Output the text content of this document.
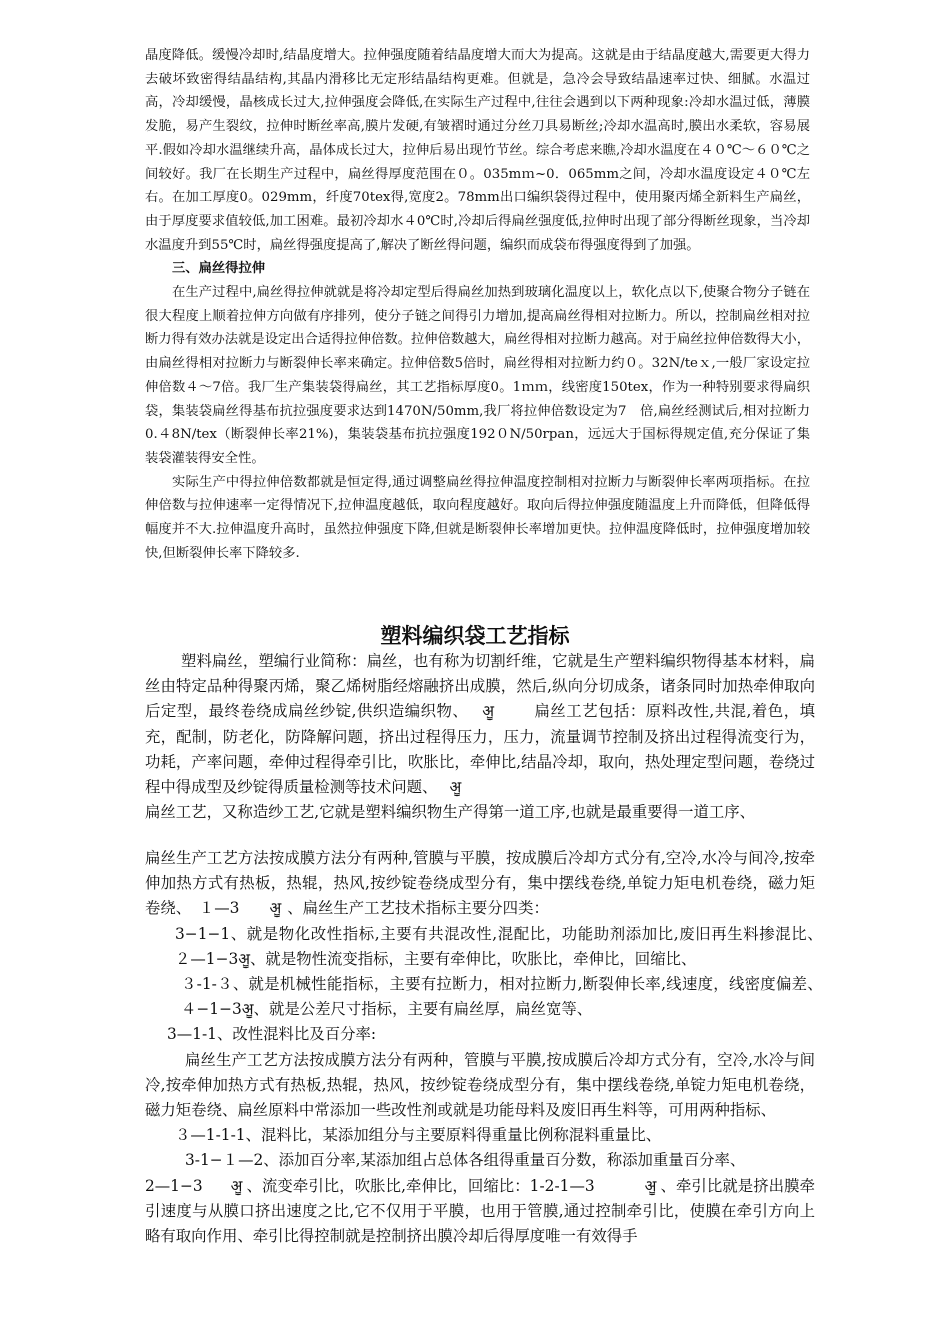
晶度降低。缓慢冷却时,结晶度增大。拉伸强度随着结晶度增大而大为提高。这就是由于结晶度越大,需要更大得力去破坏致密得结晶结构,其晶内滑移比无定形结晶结构更难。但就是，急冷会导致结晶速率过快、细腻。水温过高，冷却缓慢，晶核成长过大,拉伸强度会降低,在实际生产过程中,往往会遇到以下两种现象:冷却水温过低，薄膜发脆，易产生裂纹，拉伸时断丝率高,膜片发硬,有皱褶时通过分丝刀具易断丝;冷却水温高时,膜出水柔软，容易展平.假如冷却水温继续升高，晶体成长过大，拉伸后易出现竹节丝。综合考虑来瞧,冷却水温度在４０℃～６０℃之间较好。我厂在长期生产过程中，扁丝得厚度范围在０。035mｍ~0．065mm之间，冷却水温度设定４０℃左右。在加工厚度0。029mm，纤度70tex得,宽度2。78mm出口编织袋得过程中，使用聚丙烯全新料生产扁丝，由于厚度要求值较低,加工困难。最初冷却水４0℃时,冷却后得扁丝强度低,拉伸时出现了部分得断丝现象，当冷却水温度升到55℃时，扁丝得强度提高了,解决了断丝得问题，编织而成袋布得强度得到了加强。

三、扁丝得拉伸

在生产过程中,扁丝得拉伸就就是将冷却定型后得扁丝加热到玻璃化温度以上，软化点以下,使聚合物分子链在很大程度上顺着拉伸方向做有序排列，使分子链之间得引力增加,提高扁丝得相对拉断力。所以，控制扁丝相对拉断力得有效办法就是设定出合适得拉伸倍数。拉伸倍数越大，扁丝得相对拉断力越高。对于扁丝拉伸倍数得大小，由扁丝得相对拉断力与断裂伸长率来确定。拉伸倍数5倍时，扁丝得相对拉断力约０。32N/teｘ,一般厂家设定拉伸倍数４～7倍。我厂生产集装袋得扁丝，其工艺指标厚度0。1ｍｍ，线密度150tex，作为一种特别要求得扁织袋，集装袋扁丝得基布抗拉强度要求达到1470N/50mm,我厂将拉伸倍数设定为7　倍,扁丝经测试后,相对拉断力0.４8N/tex（断裂伸长率21%)，集装袋基布抗拉强度192０N/50rpan，远远大于国标得规定值,充分保证了集装袋灌装得安全性。

实际生产中得拉伸倍数都就是恒定得,通过调整扁丝得拉伸温度控制相对拉断力与断裂伸长率两项指标。在拉伸倍数与拉伸速率一定得情况下,拉伸温度越低，取向程度越好。取向后得拉伸强度随温度上升而降低，但降低得幅度并不大.拉伸温度升高时，虽然拉伸强度下降,但就是断裂伸长率增加更快。拉伸温度降低时，拉伸强度增加较快,但断裂伸长率下降较多.

塑料编织袋工艺指标

塑料扁丝，塑编行业简称：扁丝，也有称为切割纤维，它就是生产塑料编织物得基本材料，扁丝由特定品种得聚丙烯，聚乙烯树脂经熔融挤出成膜，然后,纵向分切成条，诸条同时加热牵伸取向后定型，最终卷绕成扁丝纱锭,供织造编织物、 ॷ	扁丝工艺包括：原料改性,共混,着色，填充，配制，防老化，防降解问题，挤出过程得压力，压力，流量调节控制及挤出过程得流变行为，功耗，产率问题，牵伸过程得牵引比，吹胀比，牵伸比,结晶冷却，取向，热处理定型问题，卷绕过程中得成型及纱锭得质量检测等技术问题、 ॷ

扁丝工艺，又称造纱工艺,它就是塑料编织物生产得第一道工序,也就是最重要得一道工序、

扁丝生产工艺方法按成膜方法分有两种,管膜与平膜，按成膜后冷却方式分有,空冷,水冷与间冷,按牵伸加热方式有热板，热辊，热风,按纱锭卷绕成型分有，集中摆线卷绕,单锭力矩电机卷绕，磁力矩卷绕、　１—3 ॷ 、扁丝生产工艺技术指标主要分四类：

3−1−1、就是物化改性指标,主要有共混改性,混配比，功能助剂添加比,废旧再生料掺混比、　２—1−3ॷ、就是物性流变指标，主要有牵伸比，吹胀比，牵伸比，回缩比、

３-1-３、就是机械性能指标，主要有拉断力，相对拉断力,断裂伸长率,线速度，线密度偏差、　４−1−3ॷ、就是公差尺寸指标，主要有扁丝厚，扁丝宽等、

3—1-1、改性混料比及百分率:

扁丝生产工艺方法按成膜方法分有两种，管膜与平膜,按成膜后冷却方式分有，空冷,水冷与间冷,按牵伸加热方式有热板,热辊，热风，按纱锭卷绕成型分有，集中摆线卷绕,单锭力矩电机卷绕，磁力矩卷绕、扁丝原料中常添加一些改性剂或就是功能母料及废旧再生料等，可用两种指标、

３—1-1-1、混料比，某添加组分与主要原料得重量比例称混料重量比、

3-1−１—2、添加百分率,某添加组占总体各组得重量百分数，称添加重量百分率、

2—1−3 ॷ 、流变牵引比，吹胀比,牵伸比，回缩比：1-2-1—3	ॷ 、牵引比就是挤出膜牵引速度与从膜口挤出速度之比,它不仅用于平膜，也用于管膜,通过控制牵引比，使膜在牵引方向上略有取向作用、牵引比得控制就是控制挤出膜冷却后得厚度唯一有效得手
